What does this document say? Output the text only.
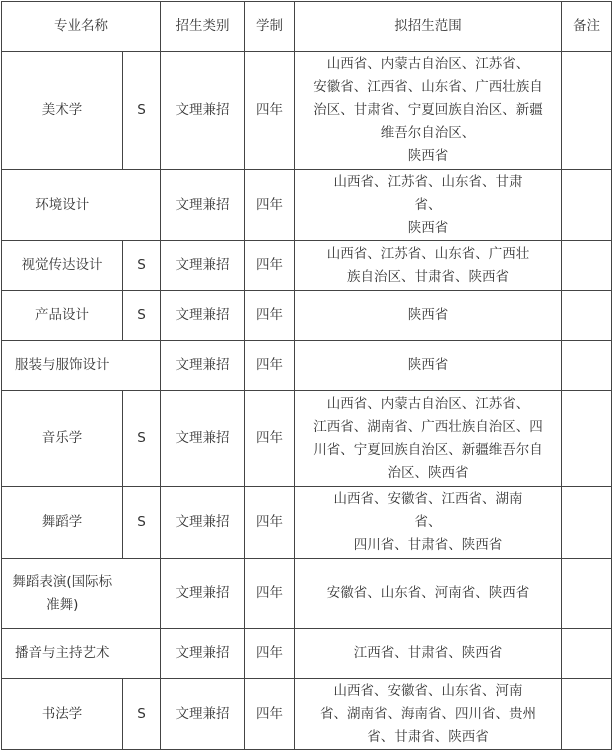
专业名称		招生类别	学制	拟招生范围	备注
美术学	S	文理兼招	四年	山西省、内蒙古自治区、江苏省、
安徽省、江西省、山东省、广西壮族自
治区、甘肃省、宁夏回族自治区、新疆
维吾尔自治区、
陕西省	

环境设计		文理兼招	四年	山西省、江苏省、山东省、甘肃
省、
陕西省	

视觉传达设计	S	文理兼招	四年	山西省、江苏省、山东省、广西壮
族自治区、甘肃省、陕西省	

产品设计	S	文理兼招	四年	陕西省	

服装与服饰设计		文理兼招	四年	陕西省	

音乐学	S	文理兼招	四年	山西省、内蒙古自治区、江苏省、
江西省、湖南省、广西壮族自治区、四
川省、宁夏回族自治区、新疆维吾尔自
治区、陕西省	

舞蹈学	S	文理兼招	四年	山西省、安徽省、江西省、湖南
省、
四川省、甘肃省、陕西省	

舞蹈表演(国际标准舞)		文理兼招	四年	安徽省、山东省、河南省、陕西省	

播音与主持艺术		文理兼招	四年	江西省、甘肃省、陕西省	

书法学	S	文理兼招	四年	山西省、安徽省、山东省、河南
省、湖南省、海南省、四川省、贵州
省、甘肃省、陕西省	
